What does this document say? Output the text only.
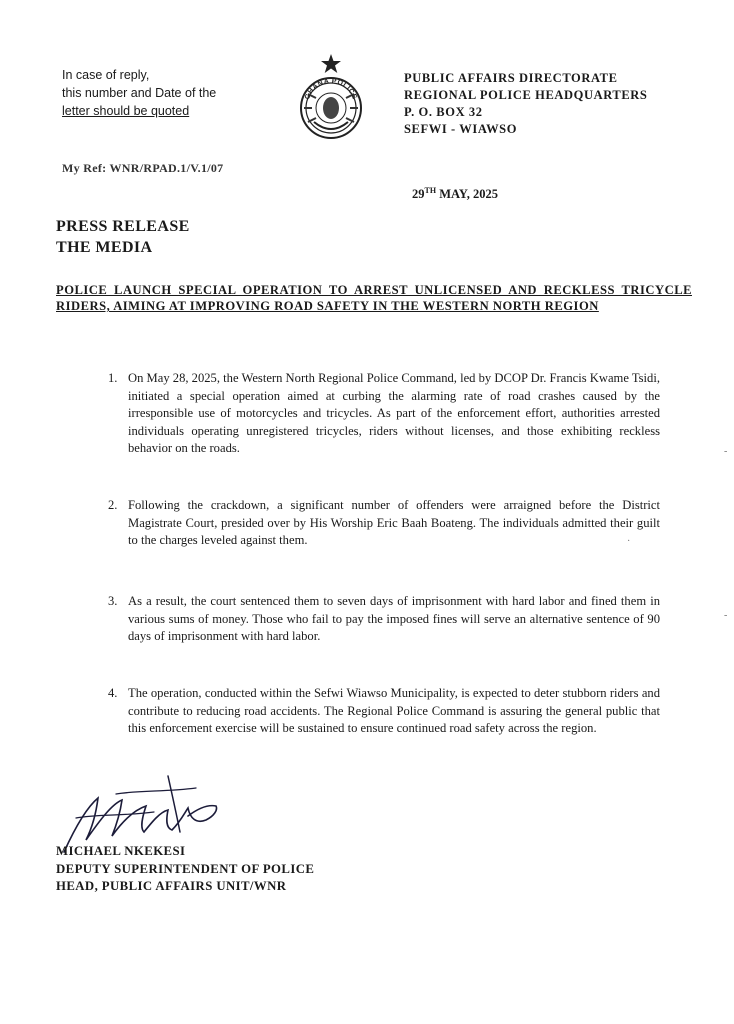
In case of reply,
this number and Date of the
letter should be quoted
GHANA POLICE
PUBLIC AFFAIRS DIRECTORATE
REGIONAL POLICE HEADQUARTERS
P. O. BOX 32
SEFWI - WIAWSO
My Ref: WNR/RPAD.1/V.1/07
29TH MAY, 2025
PRESS RELEASE
THE MEDIA
POLICE LAUNCH SPECIAL OPERATION TO ARREST UNLICENSED AND RECKLESS TRICYCLE RIDERS, AIMING AT IMPROVING ROAD SAFETY IN THE WESTERN NORTH REGION
1. On May 28, 2025, the Western North Regional Police Command, led by DCOP Dr. Francis Kwame Tsidi, initiated a special operation aimed at curbing the alarming rate of road crashes caused by the irresponsible use of motorcycles and tricycles. As part of the enforcement effort, authorities arrested individuals operating unregistered tricycles, riders without licenses, and those exhibiting reckless behavior on the roads.
2. Following the crackdown, a significant number of offenders were arraigned before the District Magistrate Court, presided over by His Worship Eric Baah Boateng. The individuals admitted their guilt to the charges leveled against them.
3. As a result, the court sentenced them to seven days of imprisonment with hard labor and fined them in various sums of money. Those who fail to pay the imposed fines will serve an alternative sentence of 90 days of imprisonment with hard labor.
4. The operation, conducted within the Sefwi Wiawso Municipality, is expected to deter stubborn riders and contribute to reducing road accidents. The Regional Police Command is assuring the general public that this enforcement exercise will be sustained to ensure continued road safety across the region.
MICHAEL NKEKESI
DEPUTY SUPERINTENDENT OF POLICE
HEAD, PUBLIC AFFAIRS UNIT/WNR
-
·
-
